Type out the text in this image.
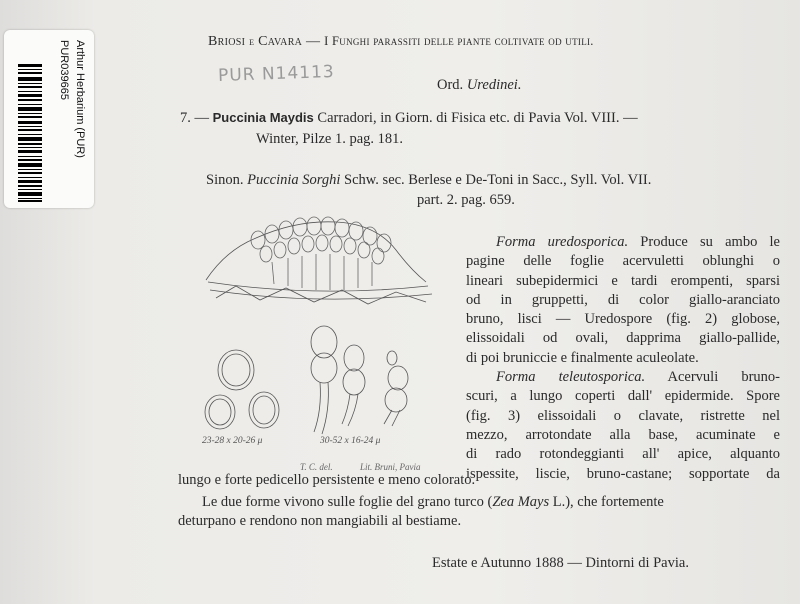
Arthur Herbarium (PUR)
PUR039665	PUR N14113
Briosi e Cavara — I Funghi parassiti delle piante coltivate od utili.
Ord. Uredinei.
7. — Puccinia Maydis Carradori, in Giorn. di Fisica etc. di Pavia Vol. VIII. —
Winter, Pilze 1. pag. 181.
Sinon. Puccinia Sorghi Schw. sec. Berlese e De-Toni in Sacc., Syll. Vol. VII.
part. 2. pag. 659.
23-28 x 20-26 μ	30-52 x 16-24 μ
T. C. del.	Lit. Bruni, Pavia
Forma uredosporica. Produce su ambo le
pagine delle foglie acervuletti oblunghi o
lineari subepidermici e tardi erompenti, sparsi
od in gruppetti, di color giallo-aranciato
bruno, lisci — Uredospore (fig. 2) globose,
elissoidali od ovali, dapprima giallo-pallide,
di poi bruniccie e finalmente aculeolate.
Forma teleutosporica. Acervuli bruno-
scuri, a lungo coperti dall' epidermide. Spore
(fig. 3) elissoidali o clavate, ristrette nel
mezzo, arrotondate alla base, acuminate e
di rado rotondeggianti all' apice, alquanto
ispessite, liscie, bruno-castane; sopportate da
lungo e forte pedicello persistente e meno colorato.
Le due forme vivono sulle foglie del grano turco (Zea Mays L.), che fortemente
deturpano e rendono non mangiabili al bestiame.
Estate e Autunno 1888 — Dintorni di Pavia.
